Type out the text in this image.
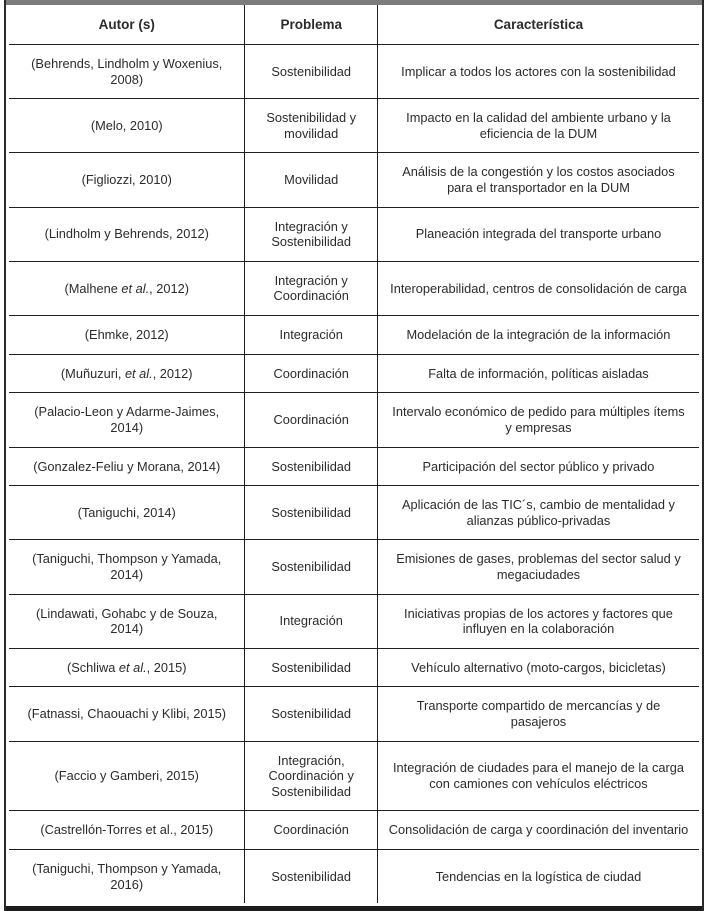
Autor (s)	Problema	Característica
(Behrends, Lindholm y Woxenius, 2008)	Sostenibilidad	Implicar a todos los actores con la sostenibilidad
(Melo, 2010)	Sostenibilidad y movilidad	Impacto en la calidad del ambiente urbano y la eficiencia de la DUM
(Figliozzi, 2010)	Movilidad	Análisis de la congestión y los costos asociados para el transportador en la DUM
(Lindholm y Behrends, 2012)	Integración y Sostenibilidad	Planeación integrada del transporte urbano
(Malhene et al., 2012)	Integración y Coordinación	Interoperabilidad, centros de consolidación de carga
(Ehmke, 2012)	Integración	Modelación de la integración de la información
(Muñuzuri, et al., 2012)	Coordinación	Falta de información, políticas aisladas
(Palacio-Leon y Adarme-Jaimes, 2014)	Coordinación	Intervalo económico de pedido para múltiples ítems y empresas
(Gonzalez-Feliu y Morana, 2014)	Sostenibilidad	Participación del sector público y privado
(Taniguchi, 2014)	Sostenibilidad	Aplicación de las TIC´s, cambio de mentalidad y alianzas público-privadas
(Taniguchi, Thompson y Yamada, 2014)	Sostenibilidad	Emisiones de gases, problemas del sector salud y megaciudades
(Lindawati, Gohabc y de Souza, 2014)	Integración	Iniciativas propias de los actores y factores que influyen en la colaboración
(Schliwa et al., 2015)	Sostenibilidad	Vehículo alternativo (moto-cargos, bicicletas)
(Fatnassi, Chaouachi y Klibi, 2015)	Sostenibilidad	Transporte compartido de mercancías y de pasajeros
(Faccio y Gamberi, 2015)	Integración, Coordinación y Sostenibilidad	Integración de ciudades para el manejo de la carga con camiones con vehículos eléctricos
(Castrellón-Torres et al., 2015)	Coordinación	Consolidación de carga y coordinación del inventario
(Taniguchi, Thompson y Yamada, 2016)	Sostenibilidad	Tendencias en la logística de ciudad
